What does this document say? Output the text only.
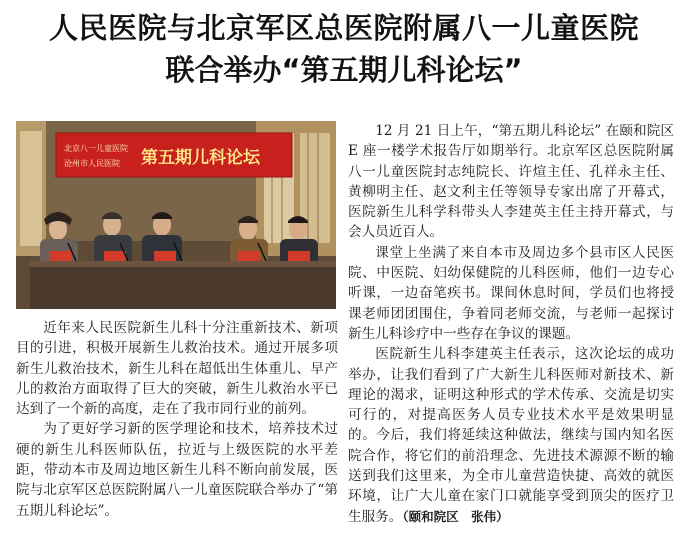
人民医院与北京军区总医院附属八一儿童医院
联合举办“第五期儿科论坛”
北京八一儿童医院
沧州市人民医院 第五期儿科论坛

近年来人民医院新生儿科十分注重新技术、新项目的引进，积极开展新生儿救治技术。通过开展多项新生儿救治技术，新生儿科在超低出生体重儿、早产儿的救治方面取得了巨大的突破，新生儿救治水平已达到了一个新的高度，走在了我市同行业的前列。

为了更好学习新的医学理论和技术，培养技术过硬的新生儿科医师队伍，拉近与上级医院的水平差距，带动本市及周边地区新生儿科不断向前发展，医院与北京军区总医院附属八一儿童医院联合举办了“第五期儿科论坛”。

12 月 21 日上午，“第五期儿科论坛” 在颐和院区 E 座一楼学术报告厅如期举行。北京军区总医院附属八一儿童医院封志纯院长、许煊主任、孔祥永主任、黄柳明主任、赵文利主任等领导专家出席了开幕式，医院新生儿科学科带头人李建英主任主持开幕式，与会人员近百人。

课堂上坐满了来自本市及周边多个县市区人民医院、中医院、妇幼保健院的儿科医师，他们一边专心听课，一边奋笔疾书。课间休息时间，学员们也将授课老师团团围住，争着同老师交流，与老师一起探讨新生儿科诊疗中一些存在争议的课题。

医院新生儿科李建英主任表示，这次论坛的成功举办，让我们看到了广大新生儿科医师对新技术、新理论的渴求，证明这种形式的学术传承、交流是切实可行的，对提高医务人员专业技术水平是效果明显的。今后，我们将延续这种做法，继续与国内知名医院合作，将它们的前沿理念、先进技术源源不断的输送到我们这里来，为全市儿童营造快捷、高效的就医环境，让广大儿童在家门口就能享受到顶尖的医疗卫生服务。（颐和院区　张伟）
